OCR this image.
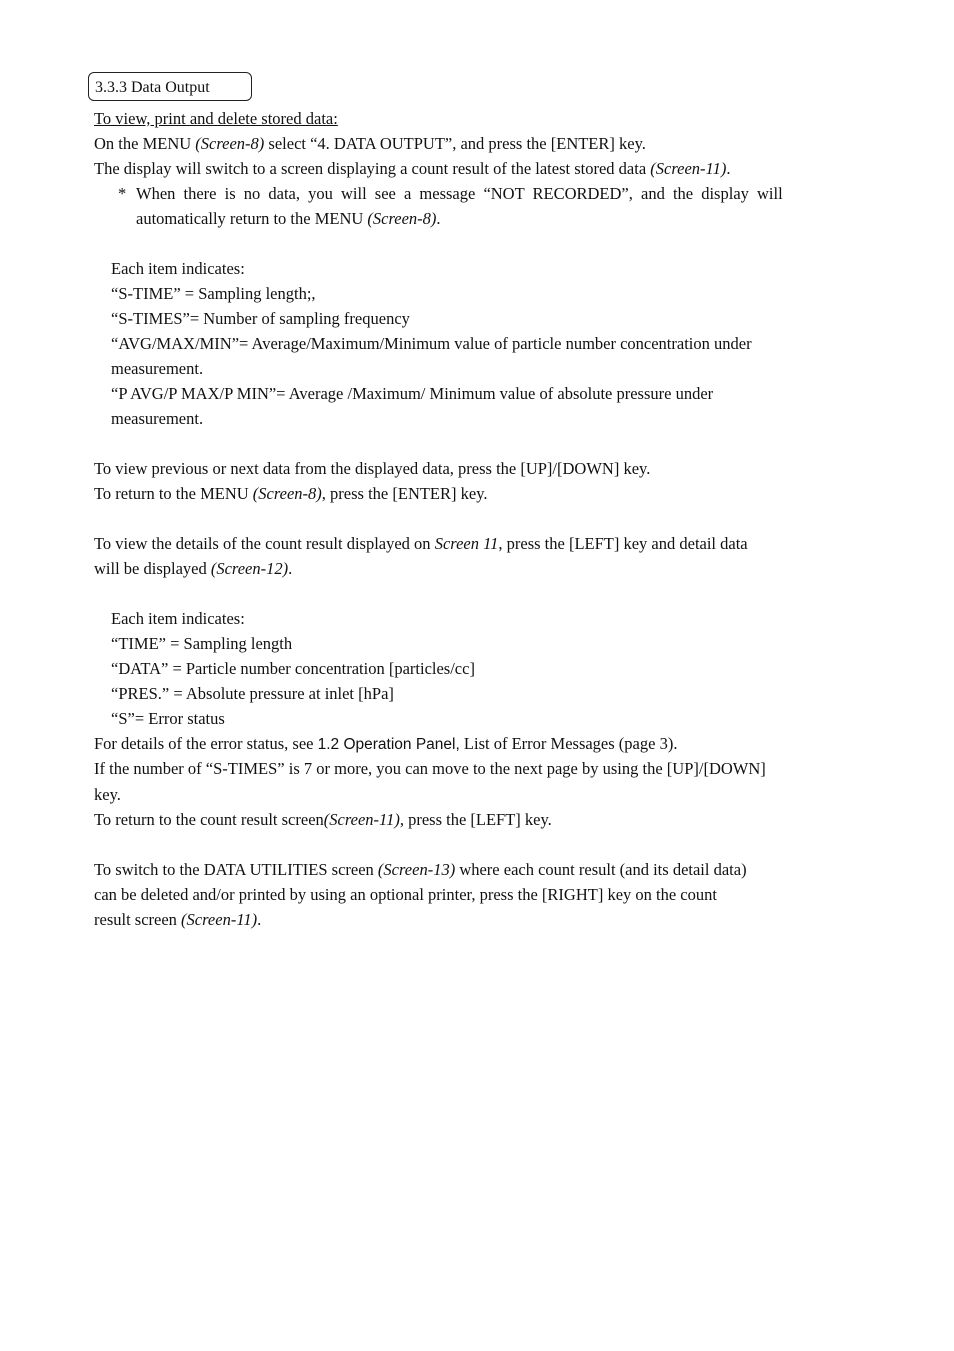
3.3.3 Data Output
To view, print and delete stored data:
On the MENU (Screen-8) select “4. DATA OUTPUT”, and press the [ENTER] key.
The display will switch to a screen displaying a count result of the latest stored data (Screen-11).
* When there is no data, you will see a message “NOT RECORDED”, and the display will
automatically return to the MENU (Screen-8).
Each item indicates:
“S-TIME” = Sampling length;,
“S-TIMES”= Number of sampling frequency
“AVG/MAX/MIN”= Average/Maximum/Minimum value of particle number concentration under
measurement.
“P AVG/P MAX/P MIN”= Average /Maximum/ Minimum value of absolute pressure under
measurement.
To view previous or next data from the displayed data, press the [UP]/[DOWN] key.
To return to the MENU (Screen-8), press the [ENTER] key.
To view the details of the count result displayed on Screen 11, press the [LEFT] key and detail data
will be displayed (Screen-12).
Each item indicates:
“TIME” = Sampling length
“DATA” = Particle number concentration [particles/cc]
“PRES.” = Absolute pressure at inlet [hPa]
“S”= Error status
For details of the error status, see 1.2 Operation Panel, List of Error Messages (page 3).
If the number of “S-TIMES” is 7 or more, you can move to the next page by using the [UP]/[DOWN]
key.
To return to the count result screen(Screen-11), press the [LEFT] key.
To switch to the DATA UTILITIES screen (Screen-13) where each count result (and its detail data)
can be deleted and/or printed by using an optional printer, press the [RIGHT] key on the count
result screen (Screen-11).
